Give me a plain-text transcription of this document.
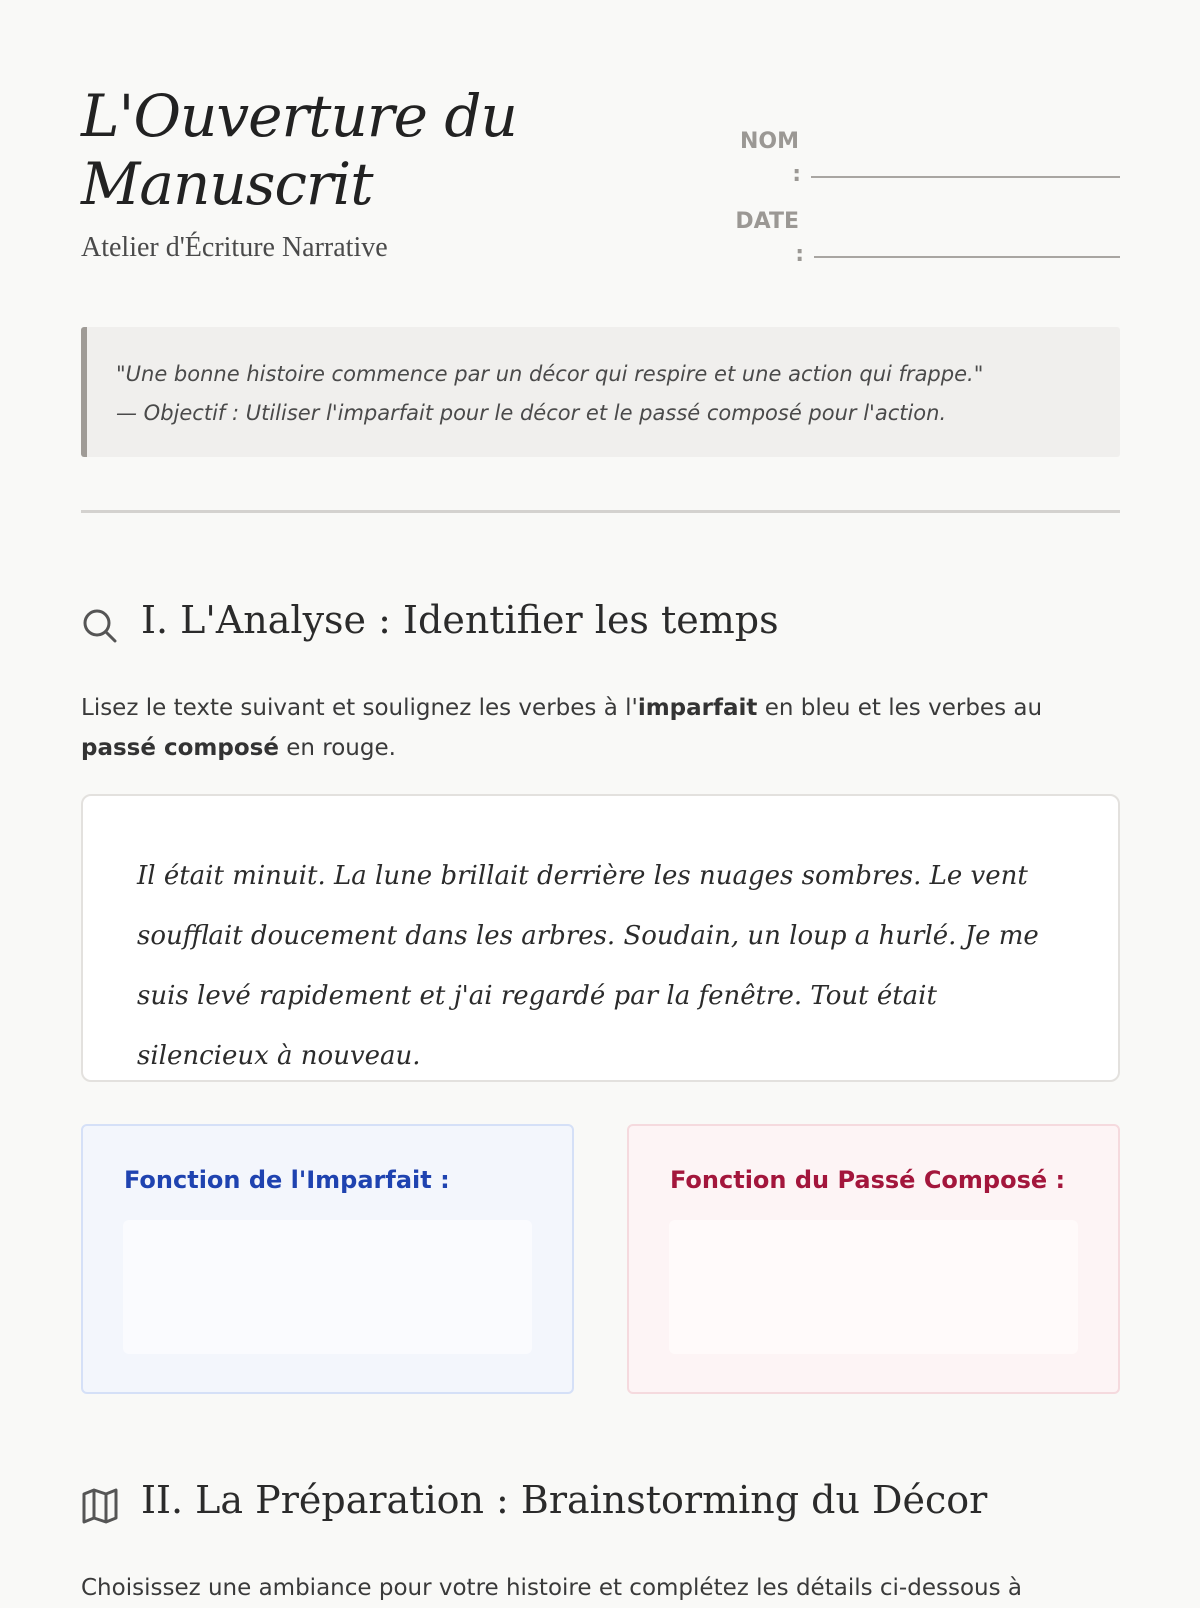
L'Ouverture du Manuscrit
Atelier d'Écriture Narrative
NOM
:
DATE
:
"Une bonne histoire commence par un décor qui respire et une action qui frappe."
— Objectif : Utiliser l'imparfait pour le décor et le passé composé pour l'action.
I. L'Analyse : Identifier les temps
Lisez le texte suivant et soulignez les verbes à l'imparfait en bleu et les verbes au passé composé en rouge.

Il était minuit. La lune brillait derrière les nuages sombres. Le vent soufflait doucement dans les arbres. Soudain, un loup a hurlé. Je me suis levé rapidement et j'ai regardé par la fenêtre. Tout était silencieux à nouveau.

Fonction de l'Imparfait :	Fonction du Passé Composé :
II. La Préparation : Brainstorming du Décor
Choisissez une ambiance pour votre histoire et complétez les détails ci-dessous à
